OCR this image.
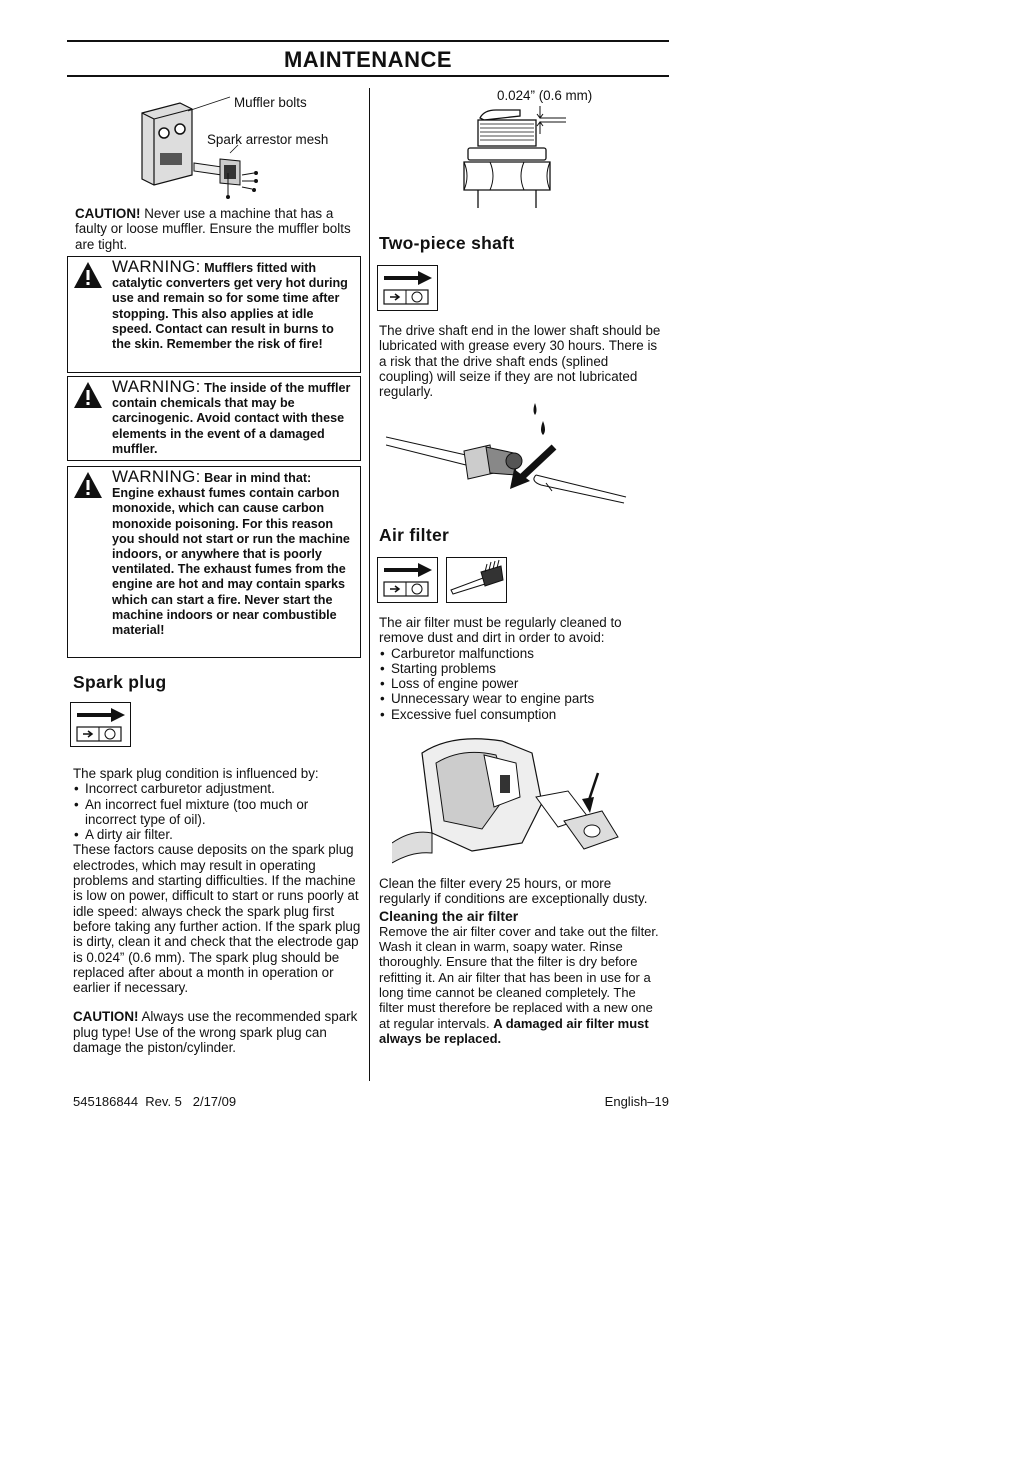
MAINTENANCE
Muffler bolts
Spark arrestor mesh

CAUTION! Never use a machine that has a faulty or loose muffler. Ensure the muffler bolts are tight.

WARNING: Mufflers fitted with catalytic converters get very hot during use and remain so for some time after stopping. This also applies at idle speed. Contact can result in burns to the skin. Remember the risk of fire!
WARNING: The inside of the muffler contain chemicals that may be carcinogenic. Avoid contact with these elements in the event of a damaged muffler.
WARNING: Bear in mind that: Engine exhaust fumes contain carbon monoxide, which can cause carbon monoxide poisoning. For this reason you should not start or run the machine indoors, or anywhere that is poorly ventilated. The exhaust fumes from the engine are hot and may contain sparks which can start a fire. Never start the machine indoors or near combustible material!
Spark plug

The spark plug condition is influenced by:

• Incorrect carburetor adjustment.
• An incorrect fuel mixture (too much or incorrect type of oil).
• A dirty air filter.

These factors cause deposits on the spark plug electrodes, which may result in operating problems and starting difficulties. If the machine is low on power, difficult to start or runs poorly at idle speed: always check the spark plug first before taking any further action. If the spark plug is dirty, clean it and check that the electrode gap is 0.024” (0.6 mm). The spark plug should be replaced after about a month in operation or earlier if necessary.

CAUTION! Always use the recommended spark plug type! Use of the wrong spark plug can damage the piston/cylinder.

0.024” (0.6 mm)
Two-piece shaft
The drive shaft end in the lower shaft should be lubricated with grease every 30 hours. There is a risk that the drive shaft ends (splined coupling) will seize if they are not lubricated regularly.
Air filter

The air filter must be regularly cleaned to remove dust and dirt in order to avoid:

• Carburetor malfunctions
• Starting problems
• Loss of engine power
• Unnecessary wear to engine parts
• Excessive fuel consumption

Clean the filter every 25 hours, or more regularly if conditions are exceptionally dusty.

Cleaning the air filter

Remove the air filter cover and take out the filter. Wash it clean in warm, soapy water. Rinse thoroughly. Ensure that the filter is dry before refitting it. An air filter that has been in use for a long time cannot be cleaned completely. The filter must therefore be replaced with a new one at regular intervals. A damaged air filter must always be replaced.

545186844  Rev. 5   2/17/09	English–19
